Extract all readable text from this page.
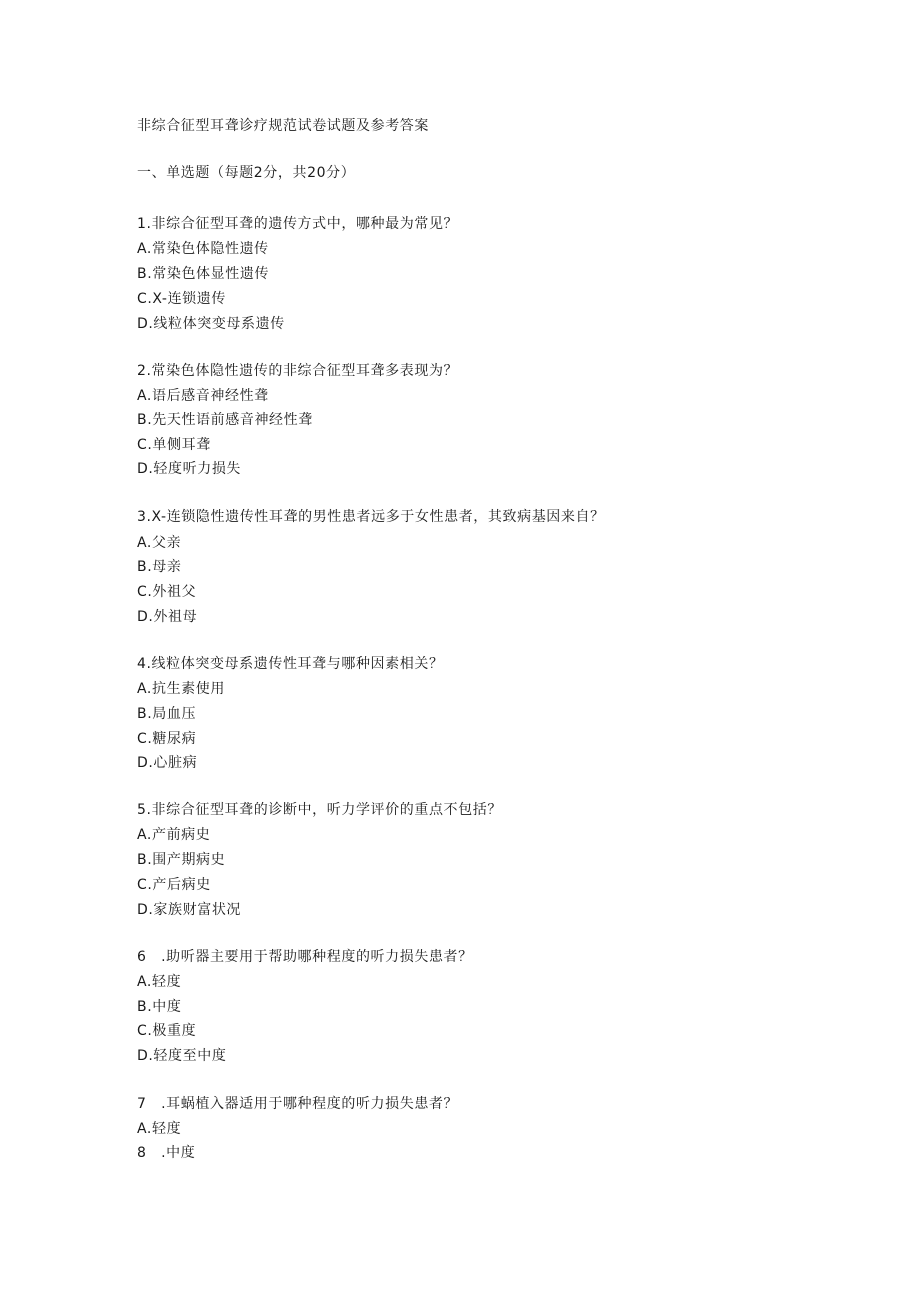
非综合征型耳聋诊疗规范试卷试题及参考答案
一、单选题（每题2分，共20分）
1.非综合征型耳聋的遗传方式中，哪种最为常见？
A.常染色体隐性遗传
B.常染色体显性遗传
C.X-连锁遗传
D.线粒体突变母系遗传
2.常染色体隐性遗传的非综合征型耳聋多表现为？
A.语后感音神经性聋
B.先天性语前感音神经性聋
C.单侧耳聋
D.轻度听力损失
3.X-连锁隐性遗传性耳聋的男性患者远多于女性患者，其致病基因来自？
A.父亲
B.母亲
C.外祖父
D.外祖母
4.线粒体突变母系遗传性耳聋与哪种因素相关？
A.抗生素使用
B.局血压
C.糖尿病
D.心脏病
5.非综合征型耳聋的诊断中，听力学评价的重点不包括？
A.产前病史
B.围产期病史
C.产后病史
D.家族财富状况
6　.助听器主要用于帮助哪种程度的听力损失患者？
A.轻度
B.中度
C.极重度
D.轻度至中度
7　.耳蜗植入器适用于哪种程度的听力损失患者？
A.轻度
8　.中度
